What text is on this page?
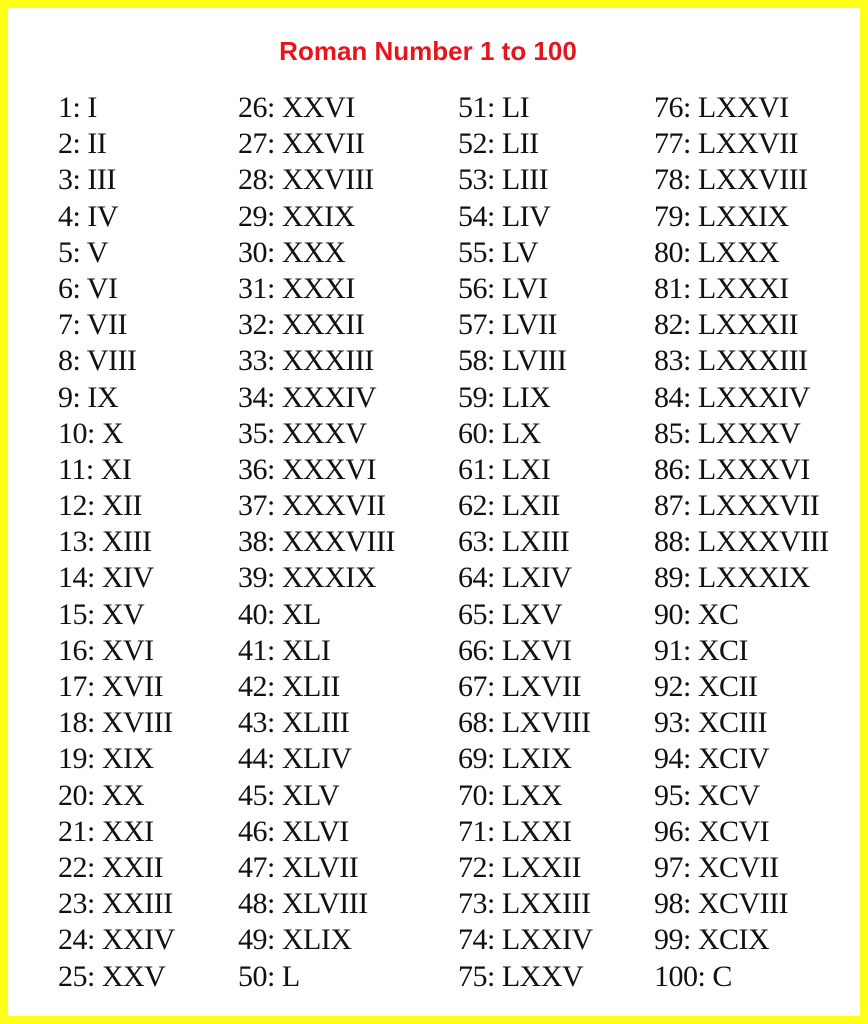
Roman Number 1 to 100
1: I
2: II
3: III
4: IV
5: V
6: VI
7: VII
8: VIII
9: IX
10: X
11: XI
12: XII
13: XIII
14: XIV
15: XV
16: XVI
17: XVII
18: XVIII
19: XIX
20: XX
21: XXI
22: XXII
23: XXIII
24: XXIV
25: XXV
26: XXVI
27: XXVII
28: XXVIII
29: XXIX
30: XXX
31: XXXI
32: XXXII
33: XXXIII
34: XXXIV
35: XXXV
36: XXXVI
37: XXXVII
38: XXXVIII
39: XXXIX
40: XL
41: XLI
42: XLII
43: XLIII
44: XLIV
45: XLV
46: XLVI
47: XLVII
48: XLVIII
49: XLIX
50: L
51: LI
52: LII
53: LIII
54: LIV
55: LV
56: LVI
57: LVII
58: LVIII
59: LIX
60: LX
61: LXI
62: LXII
63: LXIII
64: LXIV
65: LXV
66: LXVI
67: LXVII
68: LXVIII
69: LXIX
70: LXX
71: LXXI
72: LXXII
73: LXXIII
74: LXXIV
75: LXXV
76: LXXVI
77: LXXVII
78: LXXVIII
79: LXXIX
80: LXXX
81: LXXXI
82: LXXXII
83: LXXXIII
84: LXXXIV
85: LXXXV
86: LXXXVI
87: LXXXVII
88: LXXXVIII
89: LXXXIX
90: XC
91: XCI
92: XCII
93: XCIII
94: XCIV
95: XCV
96: XCVI
97: XCVII
98: XCVIII
99: XCIX
100: C
